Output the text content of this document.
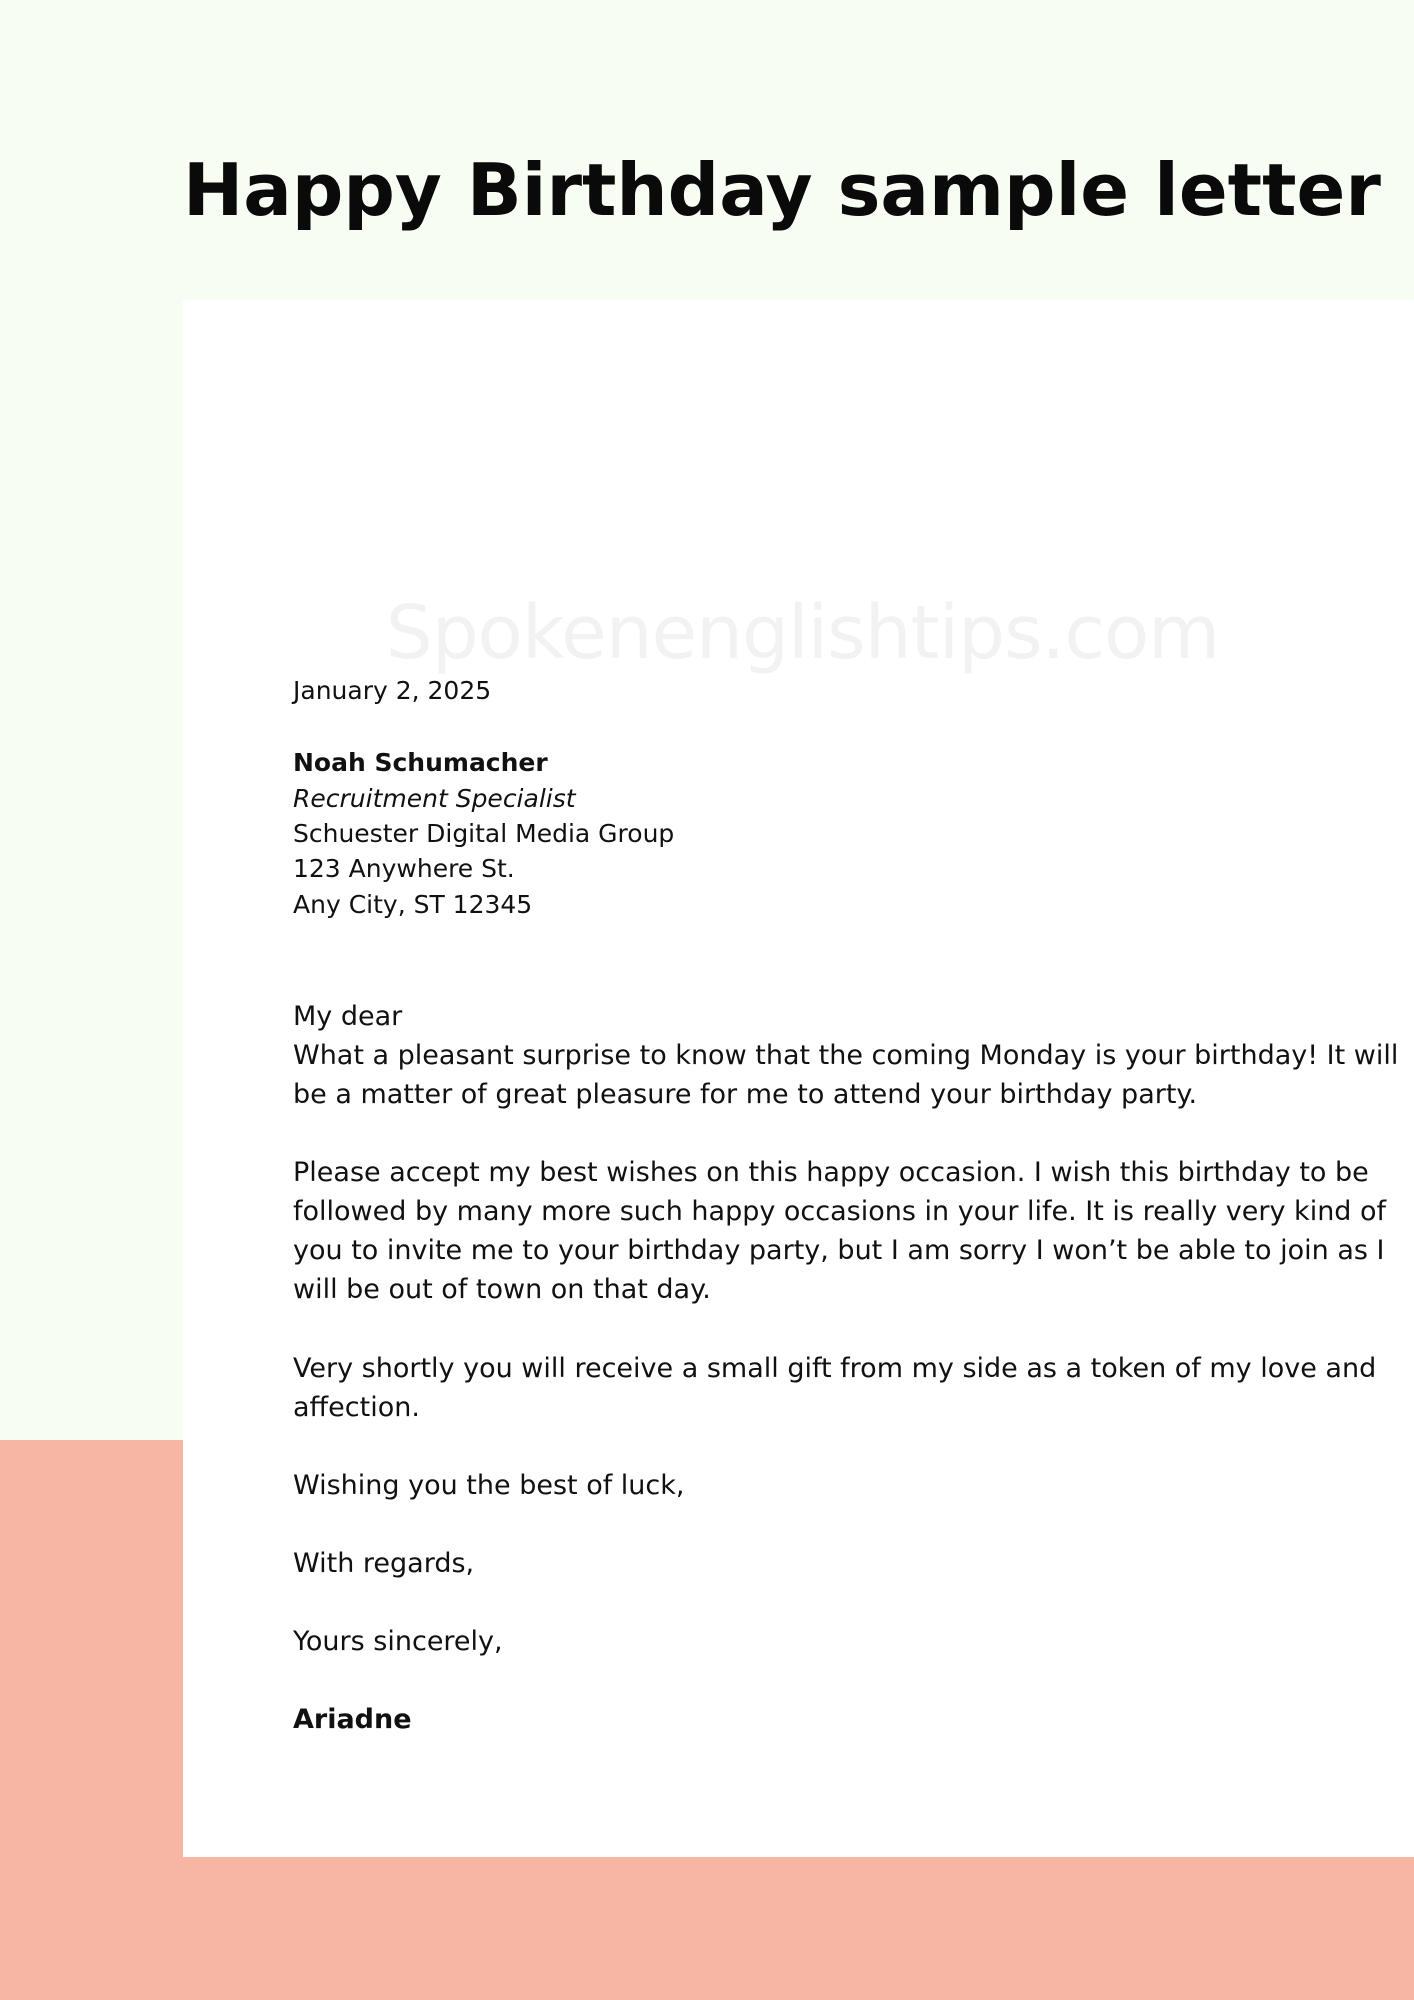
Happy Birthday sample letter
Spokenenglishtips.com
January 2, 2025
Noah Schumacher
Recruitment Specialist
Schuester Digital Media Group
123 Anywhere St.
Any City, ST 12345
My dear
What a pleasant surprise to know that the coming Monday is your birthday! It will
be a matter of great pleasure for me to attend your birthday party.
Please accept my best wishes on this happy occasion. I wish this birthday to be
followed by many more such happy occasions in your life. It is really very kind of
you to invite me to your birthday party, but I am sorry I won’t be able to join as I
will be out of town on that day.
Very shortly you will receive a small gift from my side as a token of my love and
affection.
Wishing you the best of luck,
With regards,
Yours sincerely,
Ariadne
